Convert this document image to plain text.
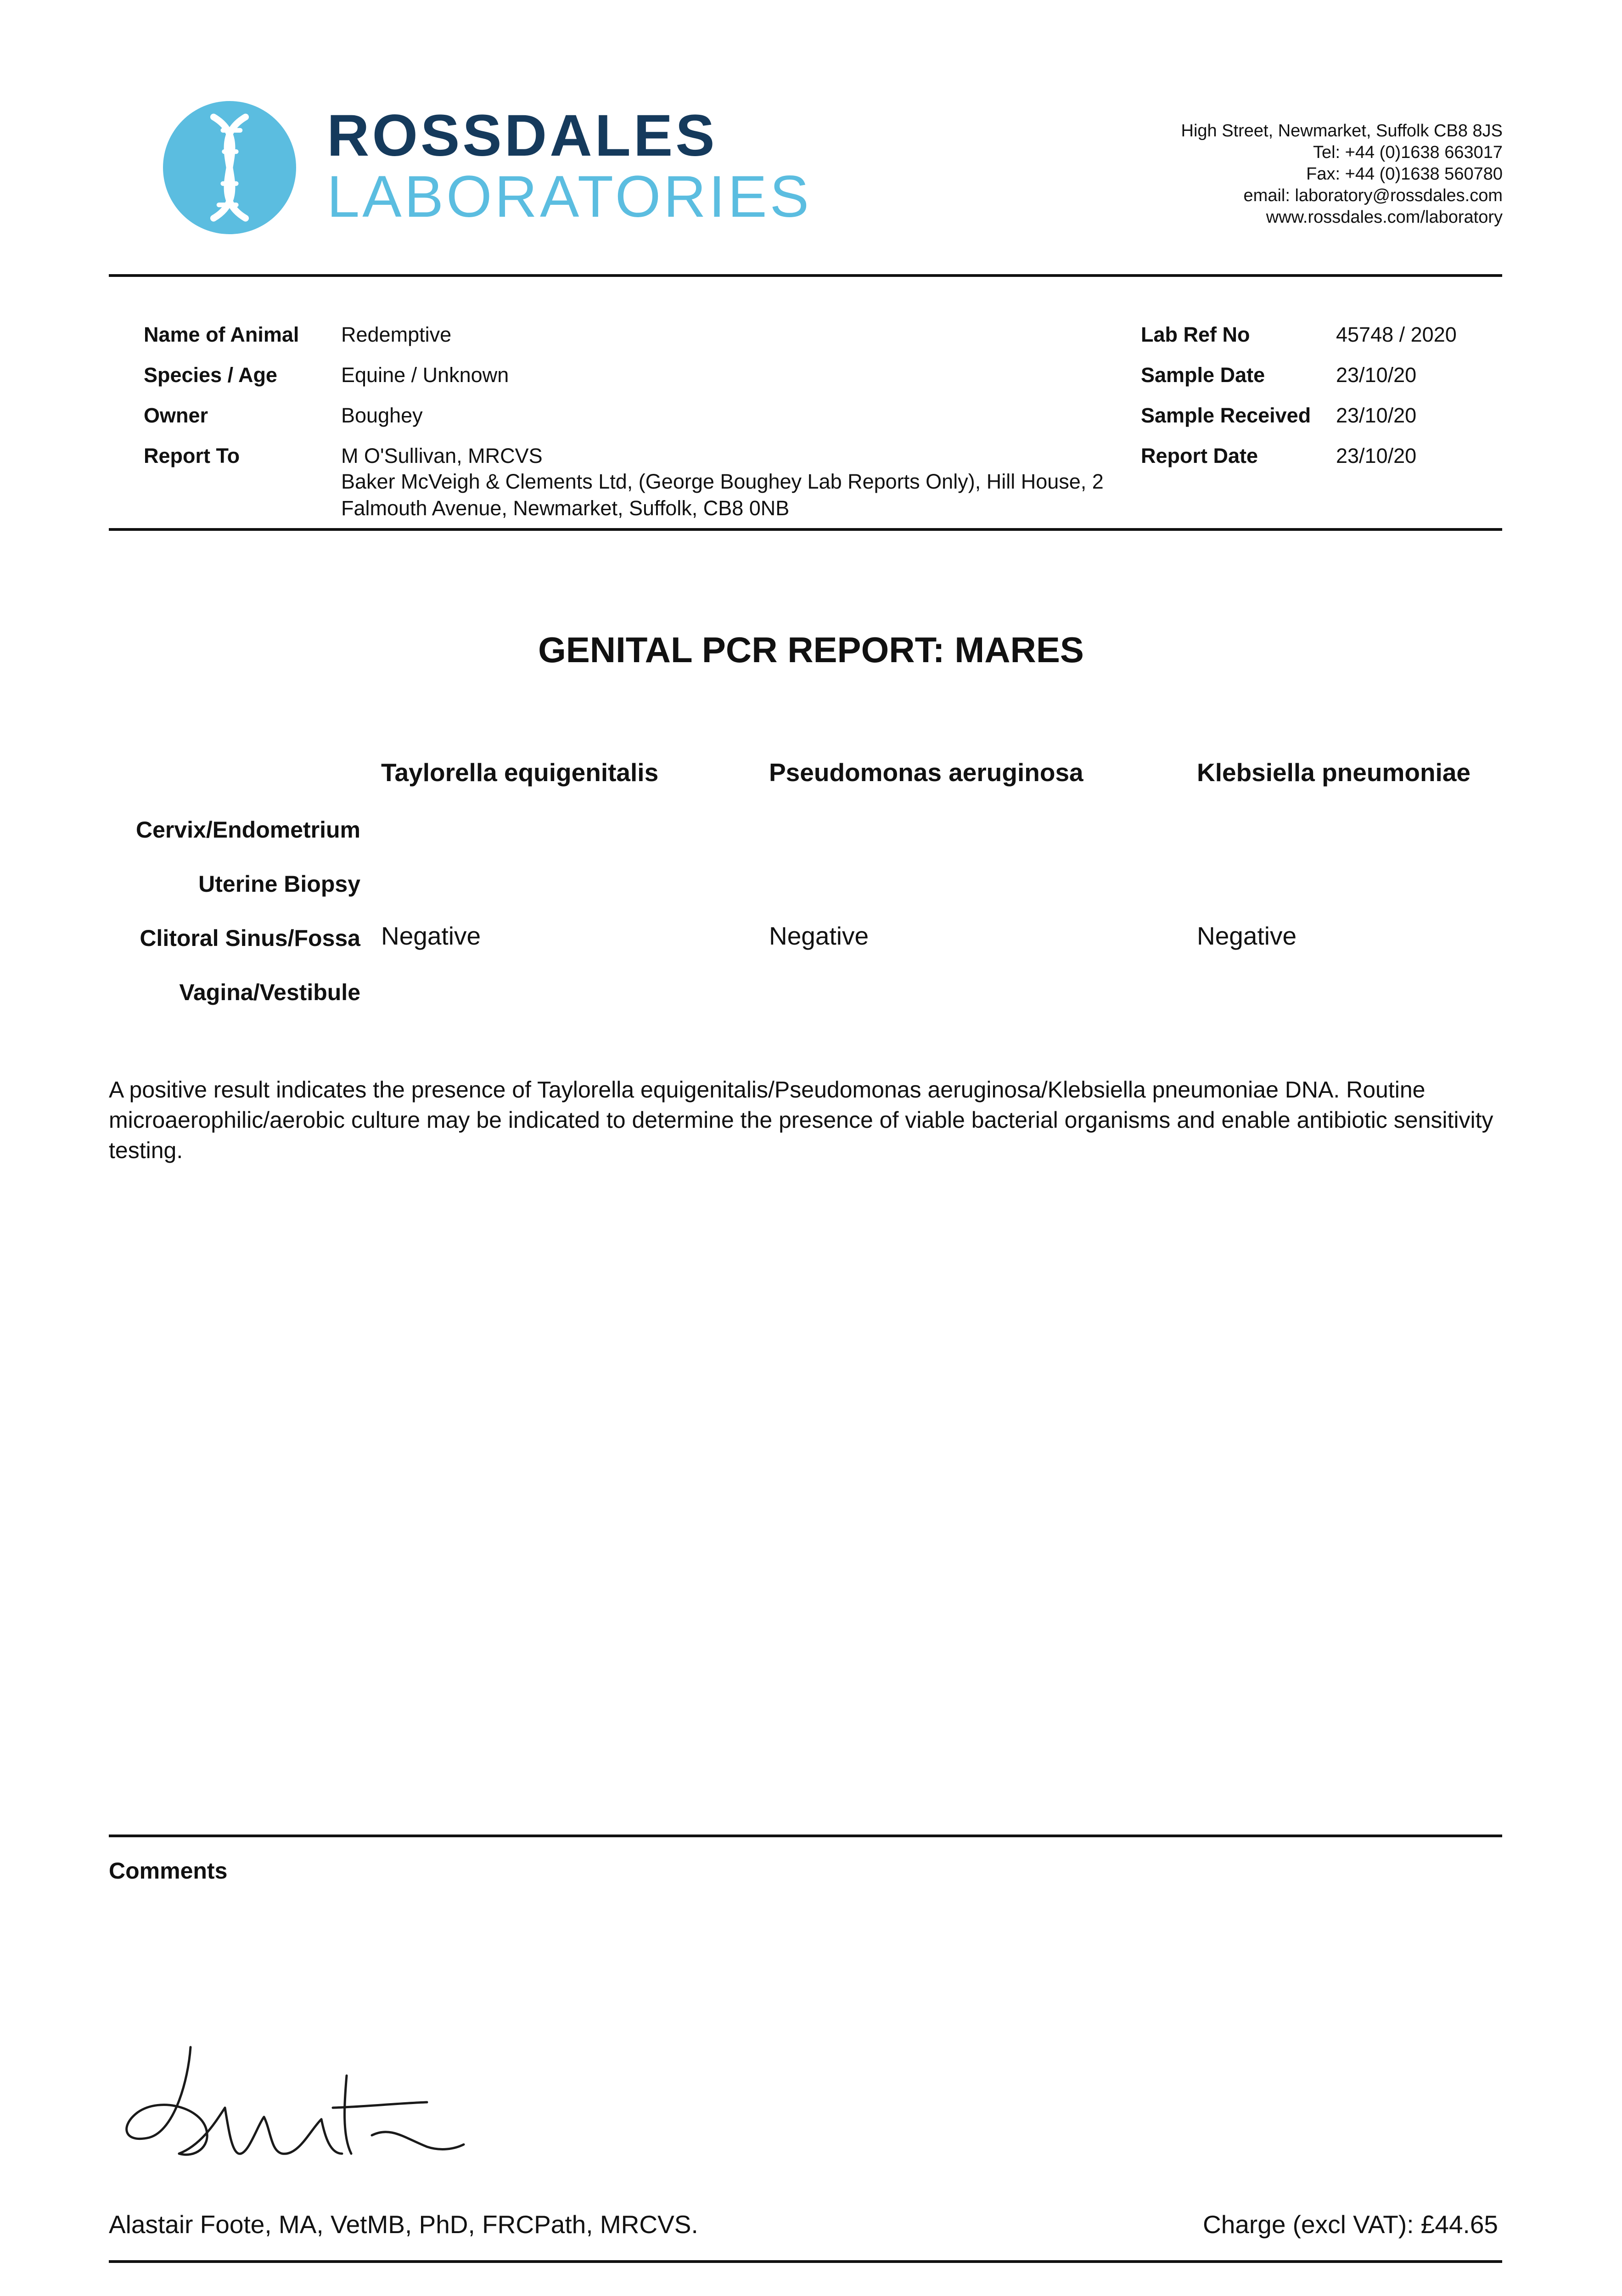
ROSSDALES
LABORATORIES
High Street, Newmarket, Suffolk CB8 8JS
Tel: +44 (0)1638 663017
Fax: +44 (0)1638 560780
email: laboratory@rossdales.com
www.rossdales.com/laboratory
Name of Animal Redemptive
Species / Age	Equine / Unknown
Owner	Boughey
Report To	M O'Sullivan, MRCVS
Baker McVeigh & Clements Ltd, (George Boughey Lab Reports Only), Hill House, 2 Falmouth Avenue, Newmarket, Suffolk, CB8 0NB
Lab Ref No	45748 / 2020
Sample Date	23/10/20
Sample Received 23/10/20
Report Date	23/10/20
GENITAL PCR REPORT: MARES
Taylorella equigenitalis	Pseudomonas aeruginosa	Klebsiella pneumoniae
Cervix/Endometrium
Uterine Biopsy
Clitoral Sinus/Fossa Negative	Negative	Negative
Vagina/Vestibule
A positive result indicates the presence of Taylorella equigenitalis/Pseudomonas aeruginosa/Klebsiella pneumoniae DNA. Routine microaerophilic/aerobic culture may be indicated to determine the presence of viable bacterial organisms and enable antibiotic sensitivity testing.
Comments
Alastair Foote, MA, VetMB, PhD, FRCPath, MRCVS.	Charge (excl VAT): £44.65
